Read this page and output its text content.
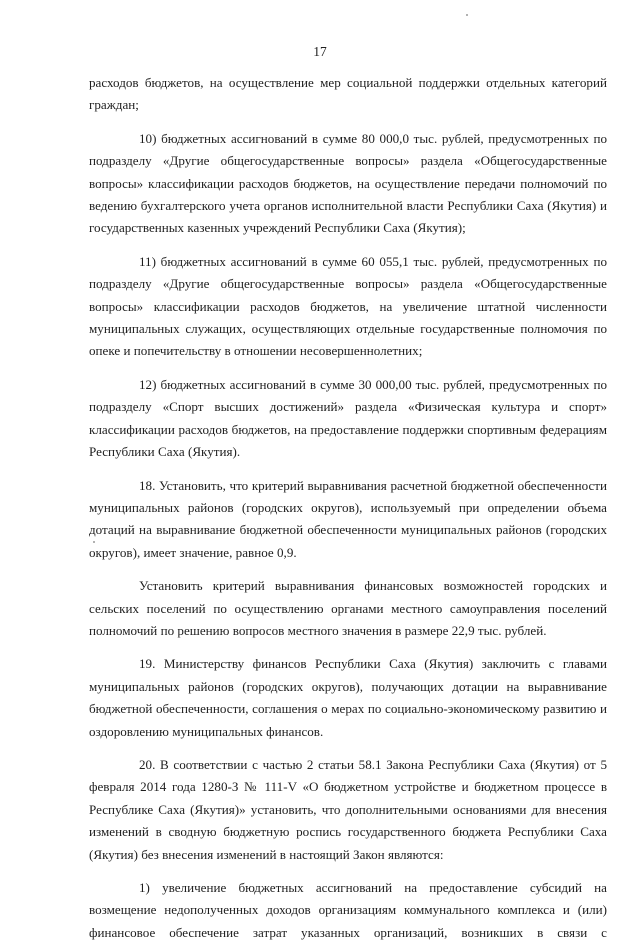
17

расходов бюджетов, на осуществление мер социальной поддержки отдельных категорий граждан;

10) бюджетных ассигнований в сумме 80 000,0 тыс. рублей, предусмотренных по подразделу «Другие общегосударственные вопросы» раздела «Общегосударственные вопросы» классификации расходов бюджетов, на осуществление передачи полномочий по ведению бухгалтерского учета органов исполнительной власти Республики Саха (Якутия) и государственных казенных учреждений Республики Саха (Якутия);

11) бюджетных ассигнований в сумме 60 055,1 тыс. рублей, предусмотренных по подразделу «Другие общегосударственные вопросы» раздела «Общегосударственные вопросы» классификации расходов бюджетов, на увеличение штатной численности муниципальных служащих, осуществляющих отдельные государственные полномочия по опеке и попечительству в отношении несовершеннолетних;

12) бюджетных ассигнований в сумме 30 000,00 тыс. рублей, предусмотренных по подразделу «Спорт высших достижений» раздела «Физическая культура и спорт» классификации расходов бюджетов, на предоставление поддержки спортивным федерациям Республики Саха (Якутия).

18. Установить, что критерий выравнивания расчетной бюджетной обеспеченности муниципальных районов (городских округов), используемый при определении объема дотаций на выравнивание бюджетной обеспеченности муниципальных районов (городских округов), имеет значение, равное 0,9.

Установить критерий выравнивания финансовых возможностей городских и сельских поселений по осуществлению органами местного самоуправления поселений полномочий по решению вопросов местного значения в размере 22,9 тыс. рублей.

19. Министерству финансов Республики Саха (Якутия) заключить с главами муниципальных районов (городских округов), получающих дотации на выравнивание бюджетной обеспеченности, соглашения о мерах по социально-экономическому развитию и оздоровлению муниципальных финансов.

20. В соответствии с частью 2 статьи 58.1 Закона Республики Саха (Якутия) от 5 февраля 2014 года 1280-З № 111-V «О бюджетном устройстве и бюджетном процессе в Республике Саха (Якутия)» установить, что дополнительными основаниями для внесения изменений в сводную бюджетную роспись государственного бюджета Республики Саха (Якутия) без внесения изменений в настоящий Закон являются:

1) увеличение бюджетных ассигнований на предоставление субсидий на возмещение недополученных доходов организациям коммунального комплекса и (или) финансовое обеспечение затрат указанных организаций, возникших в связи с
